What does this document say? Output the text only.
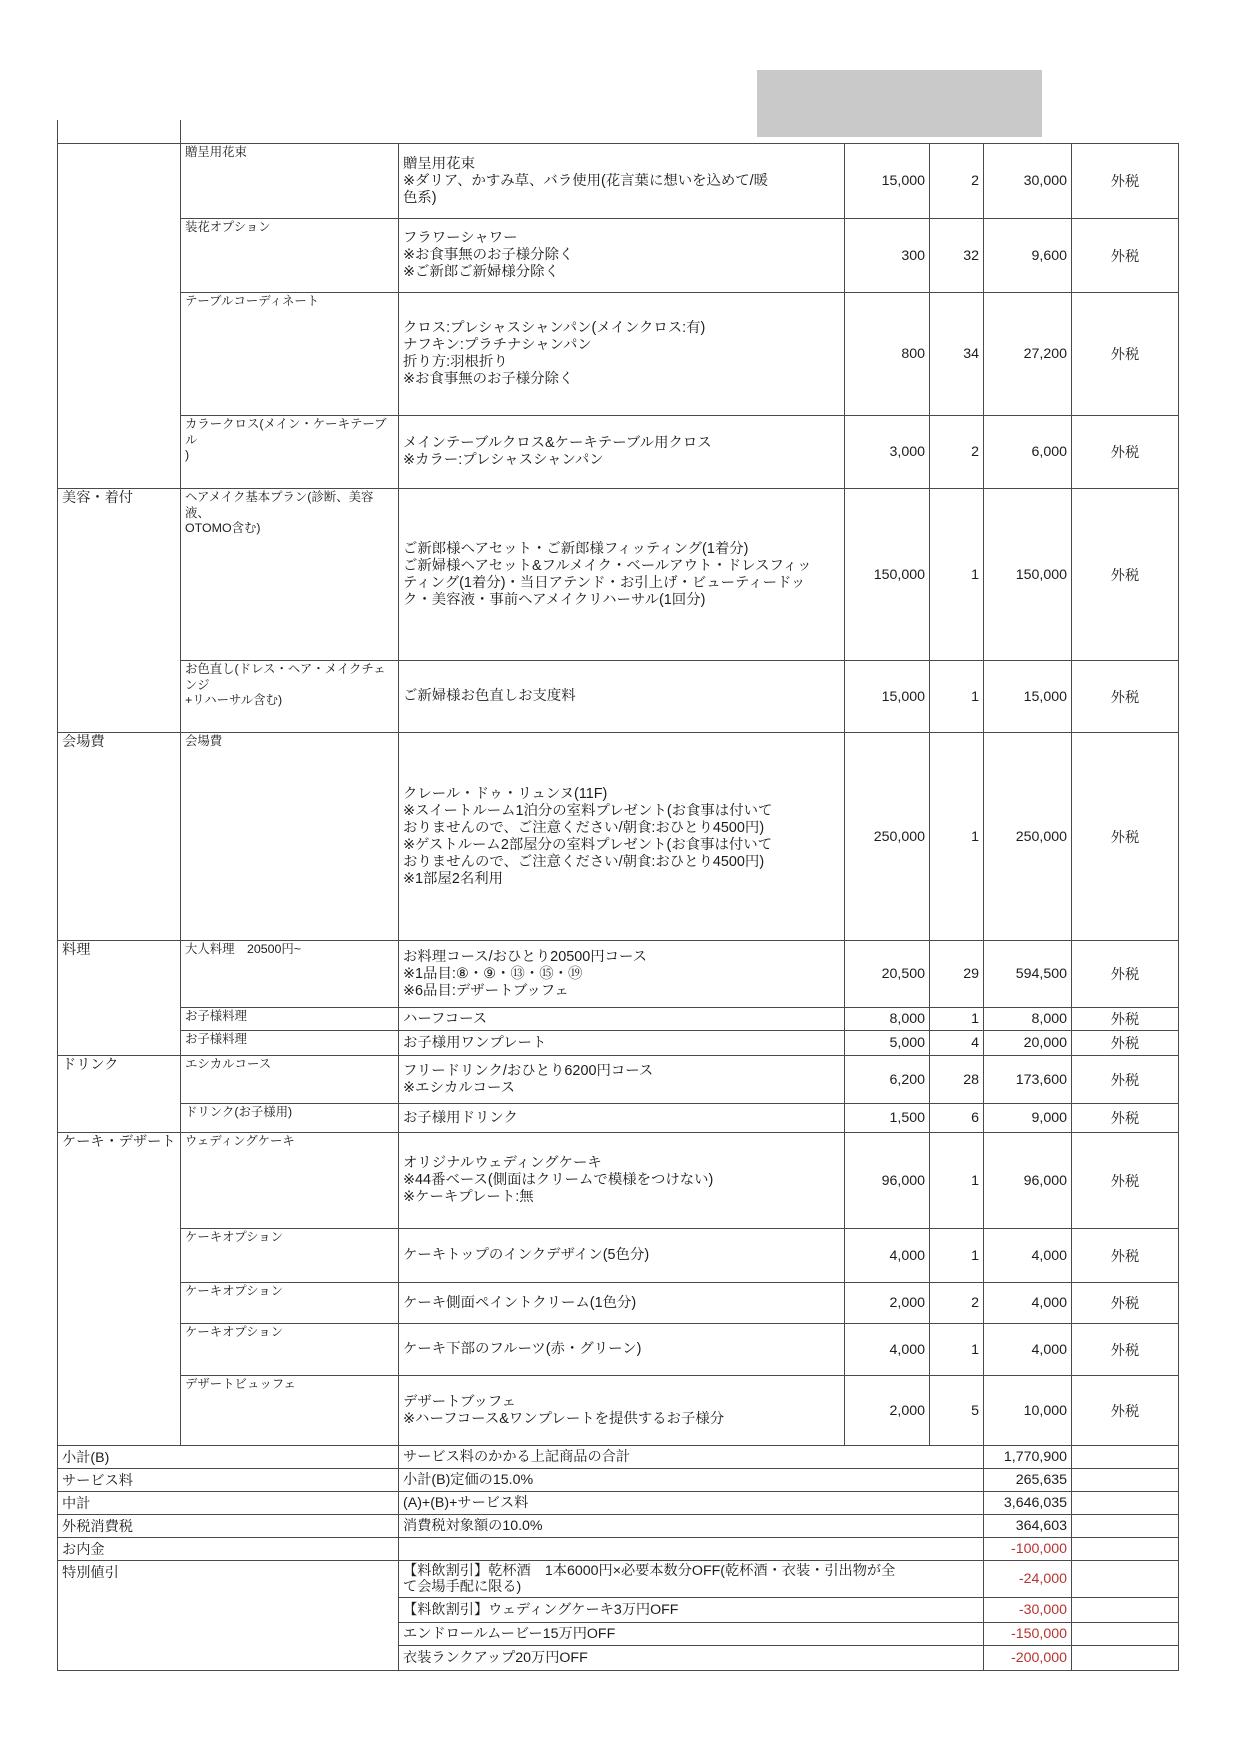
	贈呈用花束	贈呈用花束
※ダリア、かすみ草、バラ使用(花言葉に想いを込めて/暖
色系)	15,000	2	30,000	外税
	装花オプション	フラワーシャワー
※お食事無のお子様分除く
※ご新郎ご新婦様分除く	300	32	9,600	外税
	テーブルコーディネート	クロス:プレシャスシャンパン(メインクロス:有)
ナフキン:プラチナシャンパン
折り方:羽根折り
※お食事無のお子様分除く	800	34	27,200	外税
	カラークロス(メイン・ケーキテーブル
)	メインテーブルクロス&ケーキテーブル用クロス
※カラー:プレシャスシャンパン	3,000	2	6,000	外税
美容・着付	ヘアメイク基本プラン(診断、美容液、
OTOMO含む)	ご新郎様ヘアセット・ご新郎様フィッティング(1着分)
ご新婦様ヘアセット&フルメイク・ベールアウト・ドレスフィッ
ティング(1着分)・当日アテンド・お引上げ・ビューティードッ
ク・美容液・事前ヘアメイクリハーサル(1回分)	150,000	1	150,000	外税
	お色直し(ドレス・ヘア・メイクチェンジ
+リハーサル含む)	ご新婦様お色直しお支度料	15,000	1	15,000	外税
会場費	会場費	クレール・ドゥ・リュンヌ(11F)
※スイートルーム1泊分の室料プレゼント(お食事は付いて
おりませんので、ご注意ください/朝食:おひとり4500円)
※ゲストルーム2部屋分の室料プレゼント(お食事は付いて
おりませんので、ご注意ください/朝食:おひとり4500円)
※1部屋2名利用	250,000	1	250,000	外税
料理	大人料理　20500円~	お料理コース/おひとり20500円コース
※1品目:⑧・⑨・⑬・⑮・⑲
※6品目:デザートブッフェ	20,500	29	594,500	外税
	お子様料理	ハーフコース	8,000	1	8,000	外税
	お子様料理	お子様用ワンプレート	5,000	4	20,000	外税
ドリンク	エシカルコース	フリードリンク/おひとり6200円コース
※エシカルコース	6,200	28	173,600	外税
	ドリンク(お子様用)	お子様用ドリンク	1,500	6	9,000	外税
ケーキ・デザート	ウェディングケーキ	オリジナルウェディングケーキ
※44番ベース(側面はクリームで模様をつけない)
※ケーキプレート:無	96,000	1	96,000	外税
	ケーキオプション	ケーキトップのインクデザイン(5色分)	4,000	1	4,000	外税
	ケーキオプション	ケーキ側面ペイントクリーム(1色分)	2,000	2	4,000	外税
	ケーキオプション	ケーキ下部のフルーツ(赤・グリーン)	4,000	1	4,000	外税
	デザートビュッフェ	デザートブッフェ
※ハーフコース&ワンプレートを提供するお子様分	2,000	5	10,000	外税
小計(B)		サービス料のかかる上記商品の合計			1,770,900	
サービス料		小計(B)定価の15.0%			265,635	
中計		(A)+(B)+サービス料			3,646,035	
外税消費税		消費税対象額の10.0%			364,603	
お内金					-100,000	
特別値引		【料飲割引】乾杯酒　1本6000円×必要本数分OFF(乾杯酒・衣装・引出物が全
て会場手配に限る)			-24,000	
		【料飲割引】ウェディングケーキ3万円OFF			-30,000	
		エンドロールムービー15万円OFF			-150,000	
		衣装ランクアップ20万円OFF			-200,000	
